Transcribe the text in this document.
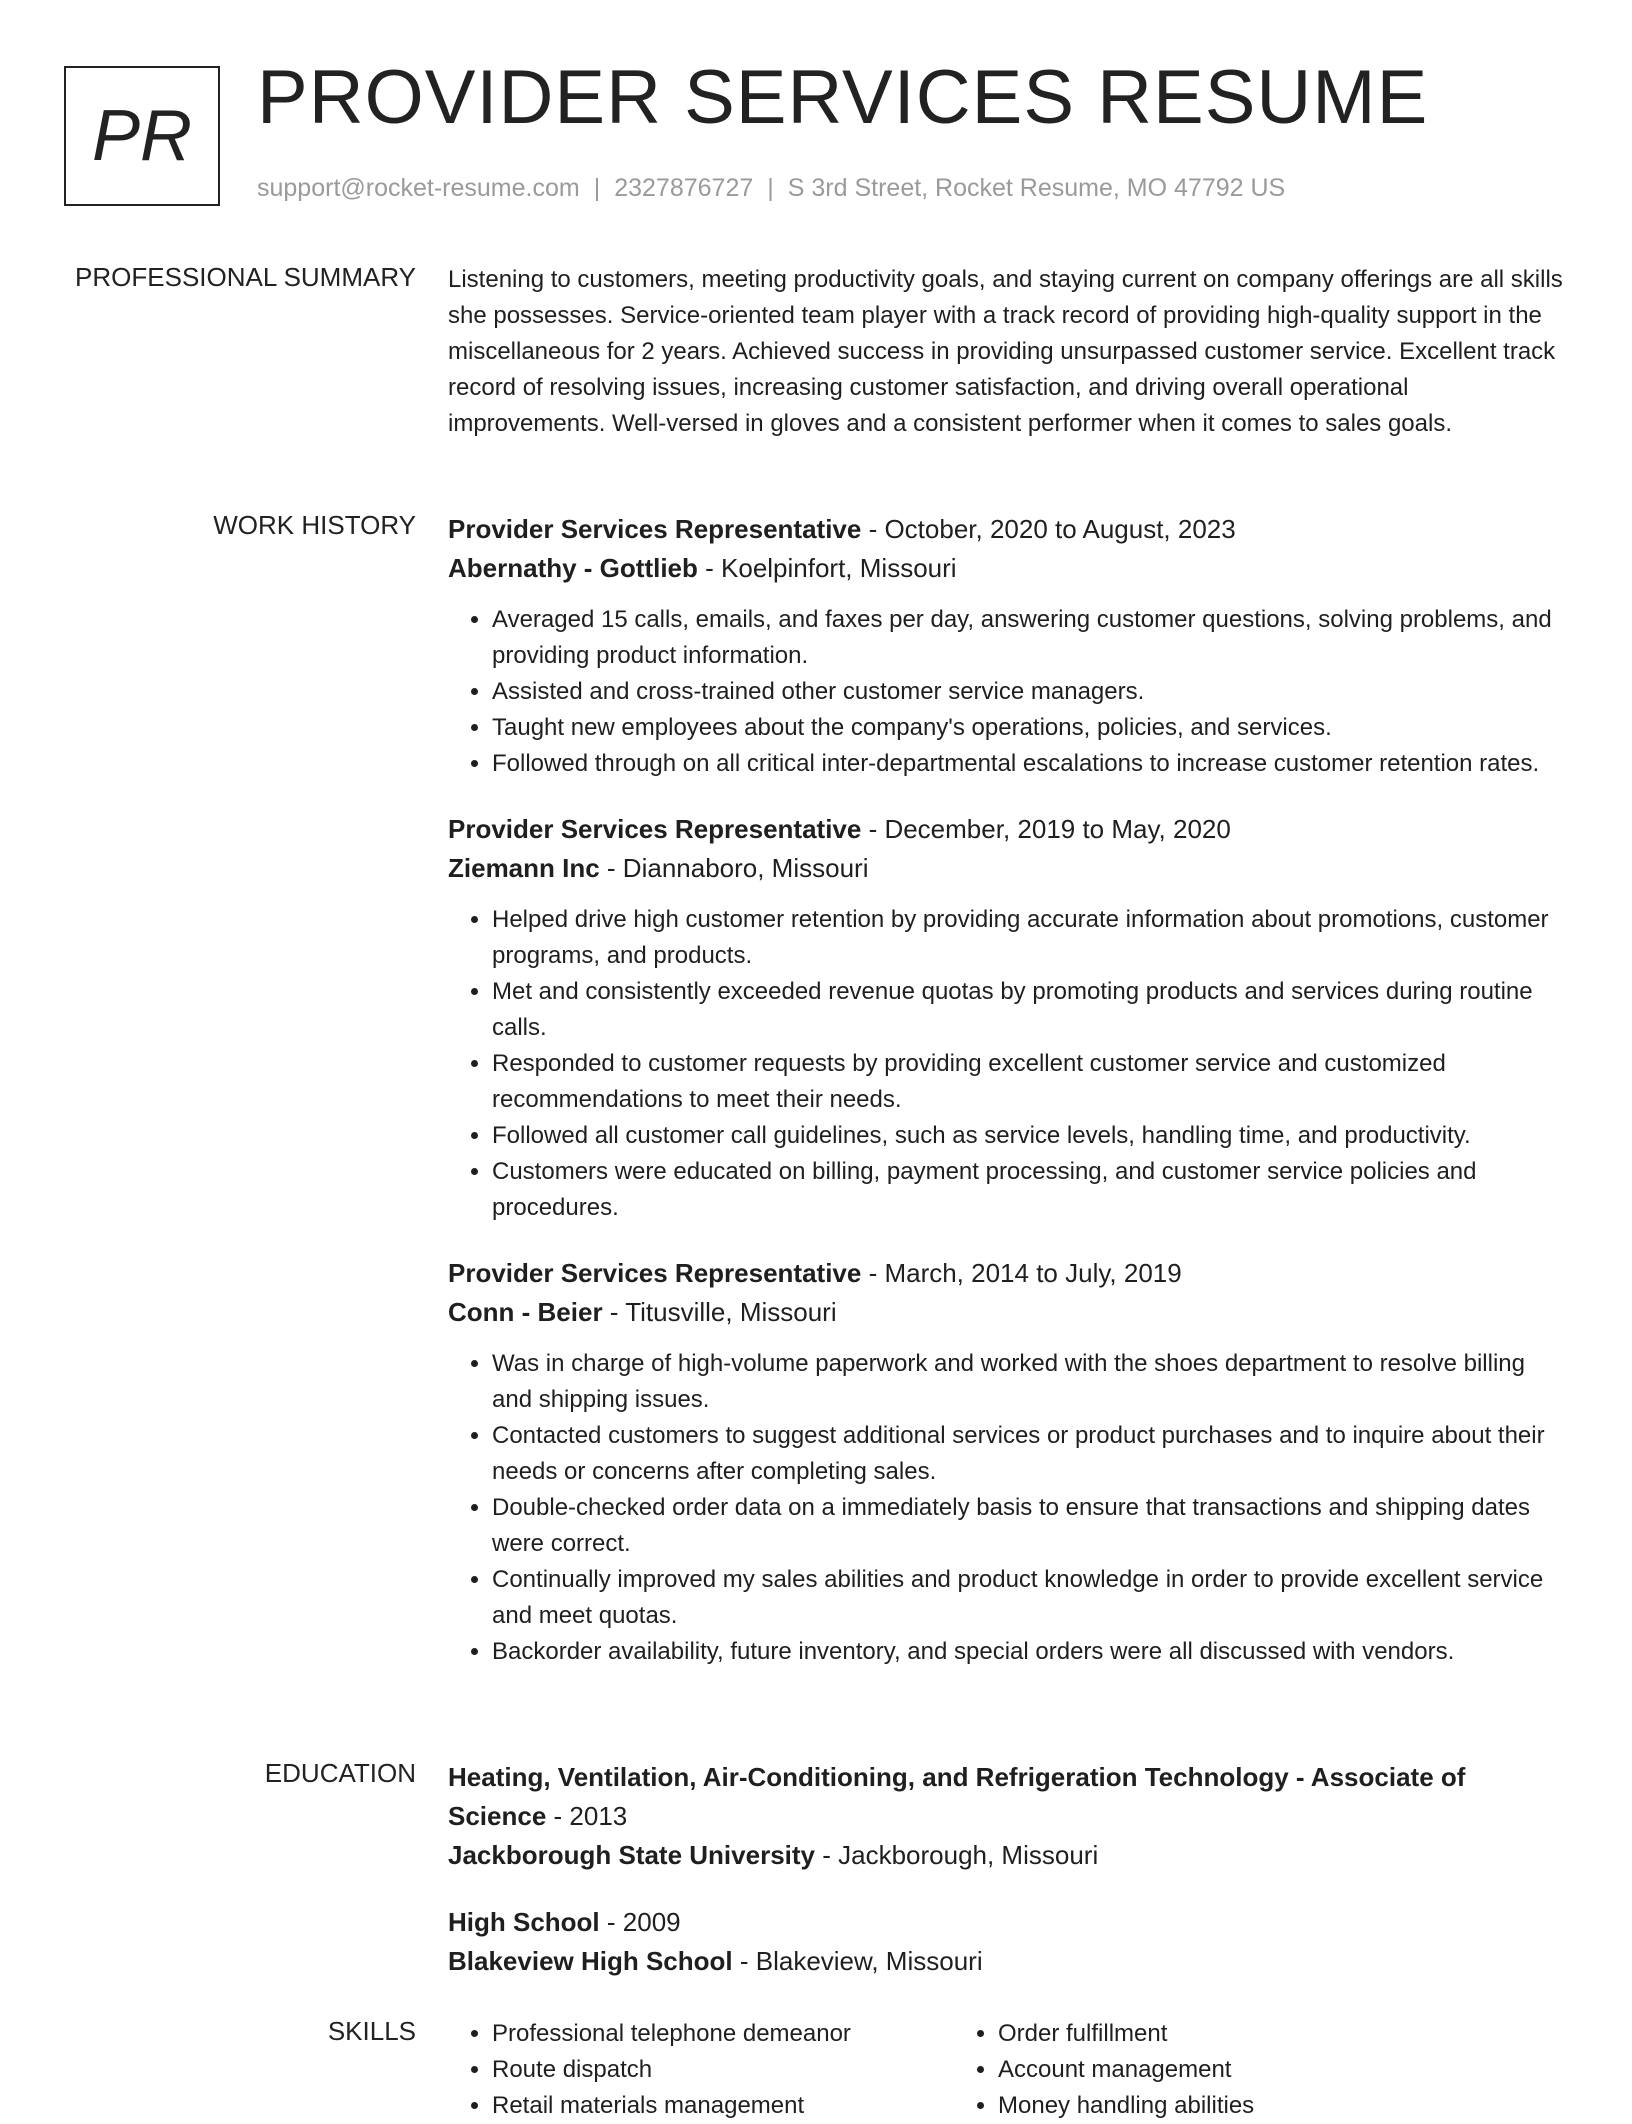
PR PROVIDER SERVICES RESUME
support@rocket-resume.com | 2327876727 | S 3rd Street, Rocket Resume, MO 47792 US
PROFESSIONAL SUMMARY Listening to customers, meeting productivity goals, and staying current on company offerings are all skills she possesses. Service-oriented team player with a track record of providing high-quality support in the miscellaneous for 2 years. Achieved success in providing unsurpassed customer service. Excellent track record of resolving issues, increasing customer satisfaction, and driving overall operational improvements. Well-versed in gloves and a consistent performer when it comes to sales goals.

WORK HISTORY Provider Services Representative - October, 2020 to August, 2023
Abernathy - Gottlieb - Koelpinfort, Missouri
• Averaged 15 calls, emails, and faxes per day, answering customer questions, solving problems, and providing product information.
• Assisted and cross-trained other customer service managers.
• Taught new employees about the company's operations, policies, and services.
• Followed through on all critical inter-departmental escalations to increase customer retention rates.
Provider Services Representative - December, 2019 to May, 2020
Ziemann Inc - Diannaboro, Missouri
• Helped drive high customer retention by providing accurate information about promotions, customer programs, and products.
• Met and consistently exceeded revenue quotas by promoting products and services during routine calls.
• Responded to customer requests by providing excellent customer service and customized recommendations to meet their needs.
• Followed all customer call guidelines, such as service levels, handling time, and productivity.
• Customers were educated on billing, payment processing, and customer service policies and procedures.
Provider Services Representative - March, 2014 to July, 2019
Conn - Beier - Titusville, Missouri
• Was in charge of high-volume paperwork and worked with the shoes department to resolve billing and shipping issues.
• Contacted customers to suggest additional services or product purchases and to inquire about their needs or concerns after completing sales.
• Double-checked order data on a immediately basis to ensure that transactions and shipping dates were correct.
• Continually improved my sales abilities and product knowledge in order to provide excellent service and meet quotas.
• Backorder availability, future inventory, and special orders were all discussed with vendors.
EDUCATION Heating, Ventilation, Air-Conditioning, and Refrigeration Technology - Associate of Science - 2013
Jackborough State University - Jackborough, Missouri
High School - 2009
Blakeview High School - Blakeview, Missouri
SKILLS
•	Professional telephone demeanor
• Route dispatch
• Retail materials management
• Order fulfillment
• Account management
• Money handling abilities
